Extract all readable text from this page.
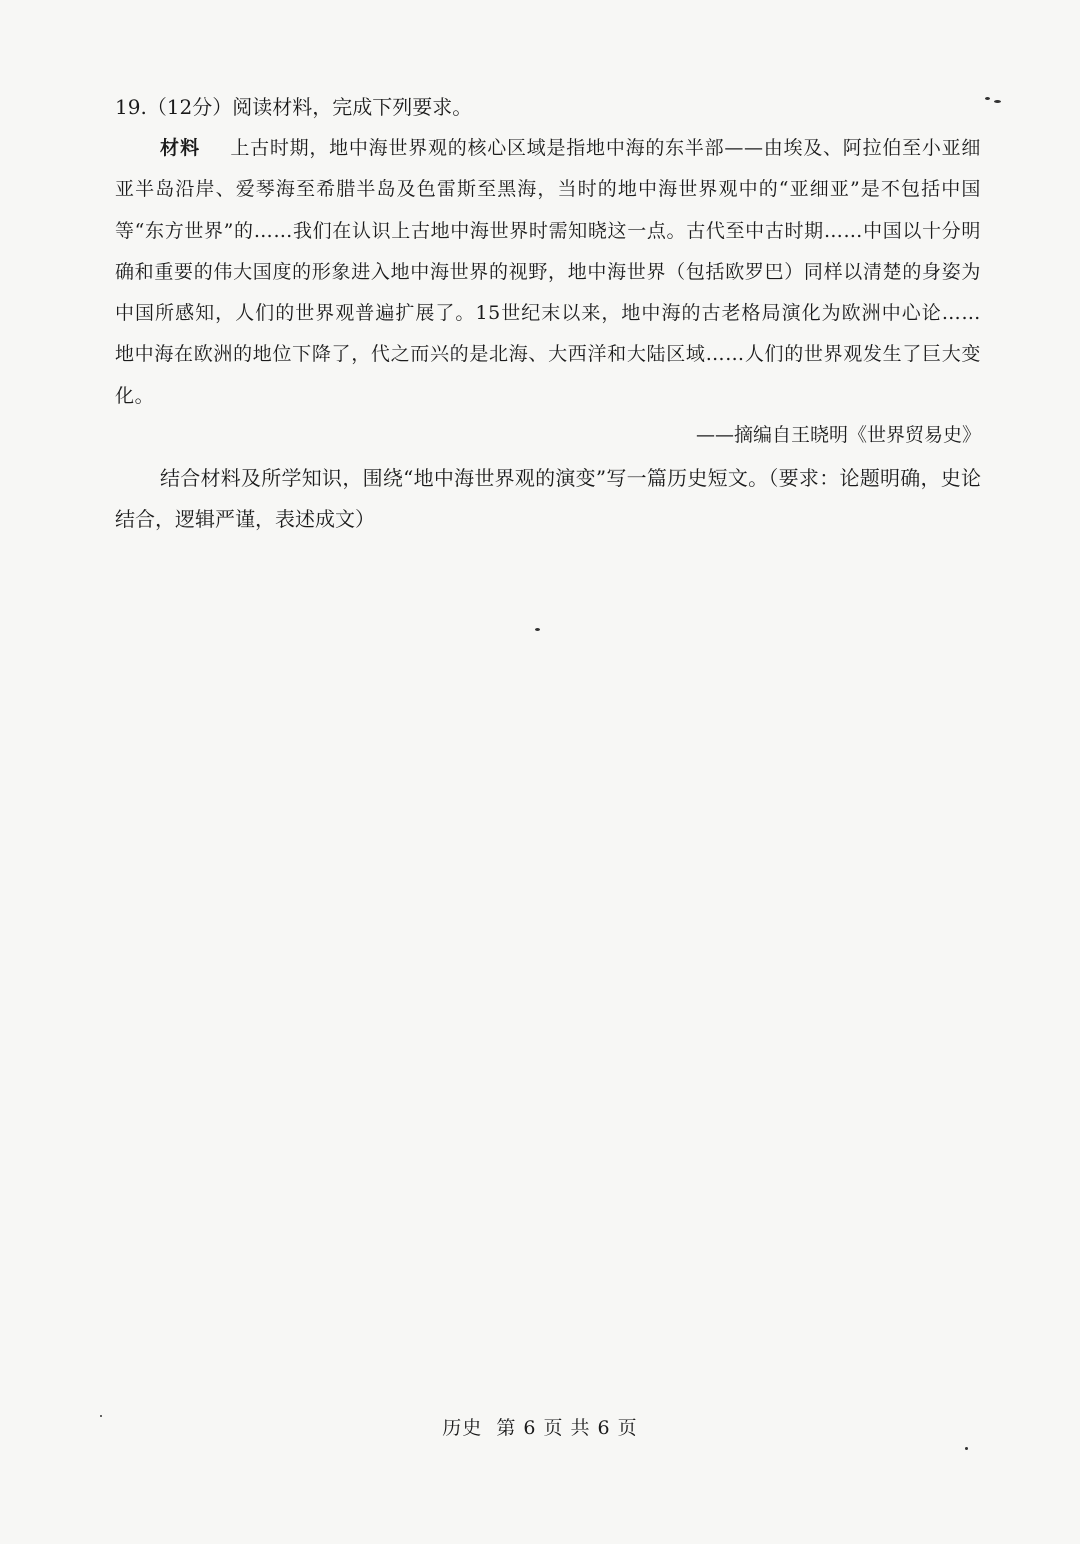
19.（12分）阅读材料，完成下列要求。
材料 上古时期，地中海世界观的核心区域是指地中海的东半部——由埃及、阿拉伯至小亚细亚半岛沿岸、爱琴海至希腊半岛及色雷斯至黑海，当时的地中海世界观中的“亚细亚”是不包括中国等“东方世界”的……我们在认识上古地中海世界时需知晓这一点。古代至中古时期……中国以十分明确和重要的伟大国度的形象进入地中海世界的视野，地中海世界（包括欧罗巴）同样以清楚的身姿为中国所感知，人们的世界观普遍扩展了。15世纪末以来，地中海的古老格局演化为欧洲中心论……地中海在欧洲的地位下降了，代之而兴的是北海、大西洋和大陆区域……人们的世界观发生了巨大变化。
——摘编自王晓明《世界贸易史》
结合材料及所学知识，围绕“地中海世界观的演变”写一篇历史短文。（要求：论题明确，史论结合，逻辑严谨，表述成文）
历史 第 6 页 共 6 页
